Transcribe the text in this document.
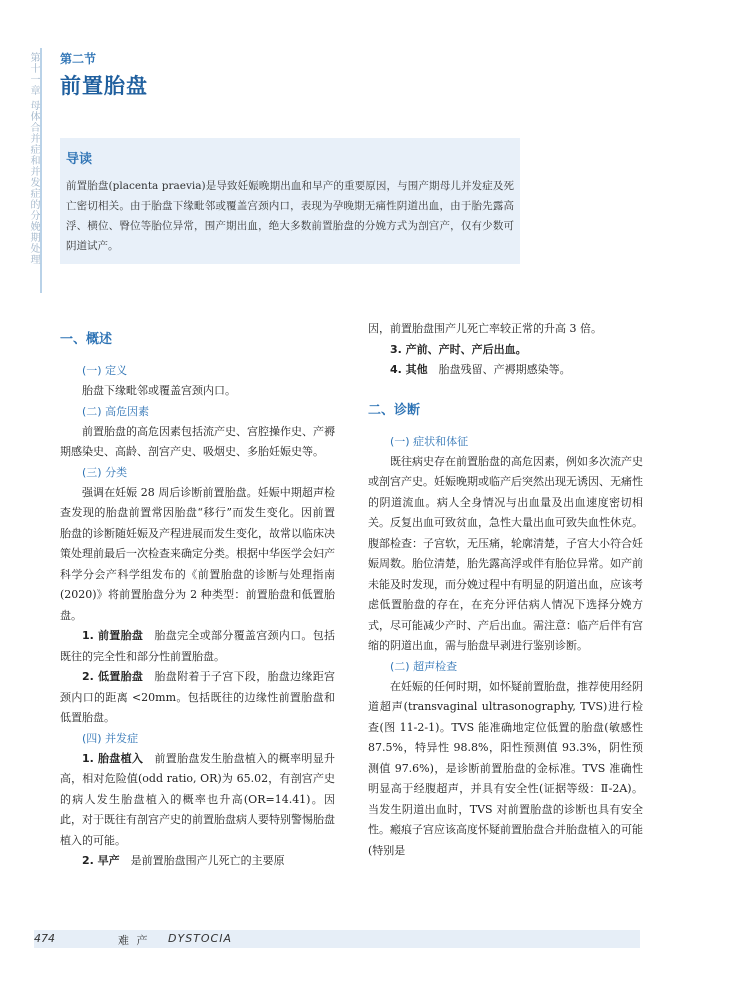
第十一章 母体合并症和并发症的分娩期处理 第二节
前置胎盘
导读

前置胎盘(placenta praevia)是导致妊娠晚期出血和早产的重要原因，与围产期母儿并发症及死亡密切相关。由于胎盘下缘毗邻或覆盖宫颈内口，表现为孕晚期无痛性阴道出血，由于胎先露高浮、横位、臀位等胎位异常，围产期出血，绝大多数前置胎盘的分娩方式为剖宫产，仅有少数可阴道试产。

一、概述

(一) 定义

胎盘下缘毗邻或覆盖宫颈内口。

(二) 高危因素

前置胎盘的高危因素包括流产史、宫腔操作史、产褥期感染史、高龄、剖宫产史、吸烟史、多胎妊娠史等。

(三) 分类

强调在妊娠 28 周后诊断前置胎盘。妊娠中期超声检查发现的胎盘前置常因胎盘“移行”而发生变化。因前置胎盘的诊断随妊娠及产程进展而发生变化，故常以临床决策处理前最后一次检查来确定分类。根据中华医学会妇产科学分会产科学组发布的《前置胎盘的诊断与处理指南(2020)》将前置胎盘分为 2 种类型：前置胎盘和低置胎盘。

1. 前置胎盘　 胎盘完全或部分覆盖宫颈内口。包括既往的完全性和部分性前置胎盘。

2. 低置胎盘　 胎盘附着于子宫下段，胎盘边缘距宫颈内口的距离 <20mm。包括既往的边缘性前置胎盘和低置胎盘。

(四) 并发症

1. 胎盘植入　 前置胎盘发生胎盘植入的概率明显升高，相对危险值(odd ratio, OR)为 65.02，有剖宫产史的病人发生胎盘植入的概率也升高(OR=14.41)。因此，对于既往有剖宫产史的前置胎盘病人要特别警惕胎盘植入的可能。

2. 早产　 是前置胎盘围产儿死亡的主要原

因，前置胎盘围产儿死亡率较正常的升高 3 倍。

3. 产前、产时、产后出血。

4. 其他　 胎盘残留、产褥期感染等。

二、诊断

(一) 症状和体征

既往病史存在前置胎盘的高危因素，例如多次流产史或剖宫产史。妊娠晚期或临产后突然出现无诱因、无痛性的阴道流血。病人全身情况与出血量及出血速度密切相关。反复出血可致贫血，急性大量出血可致失血性休克。腹部检查：子宫软，无压痛，轮廓清楚，子宫大小符合妊娠周数。胎位清楚，胎先露高浮或伴有胎位异常。如产前未能及时发现，而分娩过程中有明显的阴道出血，应该考虑低置胎盘的存在，在充分评估病人情况下选择分娩方式，尽可能减少产时、产后出血。需注意：临产后伴有宫缩的阴道出血，需与胎盘早剥进行鉴别诊断。

(二) 超声检查

在妊娠的任何时期，如怀疑前置胎盘，推荐使用经阴道超声(transvaginal ultrasonography, TVS)进行检查(图 11-2-1)。TVS 能准确地定位低置的胎盘(敏感性 87.5%，特异性 98.8%，阳性预测值 93.3%，阴性预测值 97.6%)，是诊断前置胎盘的金标准。TVS 准确性明显高于经腹超声，并具有安全性(证据等级：Ⅱ-2A)。当发生阴道出血时，TVS 对前置胎盘的诊断也具有安全性。瘢痕子宫应该高度怀疑前置胎盘合并胎盘植入的可能(特别是

474	难 产 DYSTOCIA
